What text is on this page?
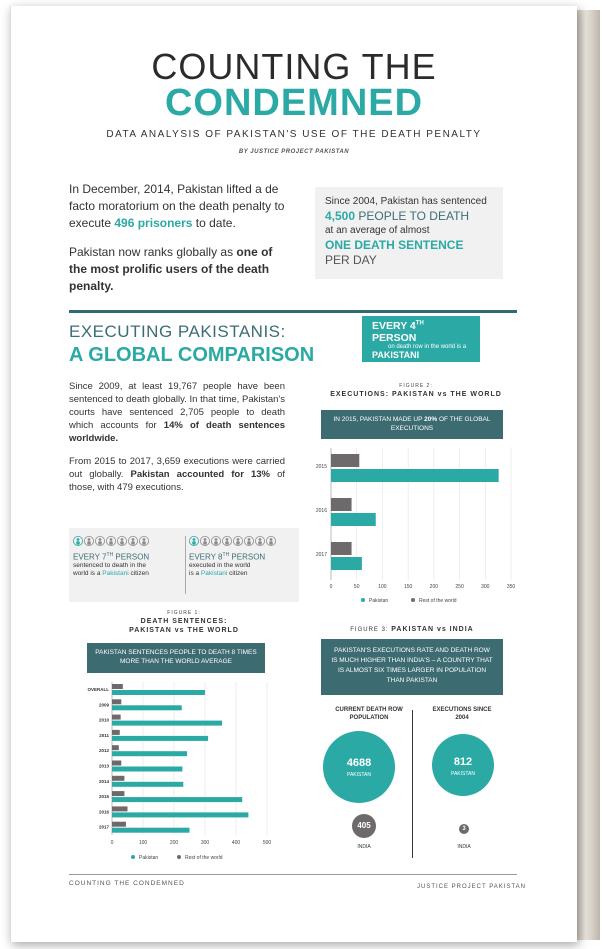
COUNTING THE
CONDEMNED
DATA ANALYSIS OF PAKISTAN'S USE OF THE DEATH PENALTY
BY JUSTICE PROJECT PAKISTAN

In December, 2014, Pakistan lifted a de facto moratorium on the death penalty to execute 496 prisoners to date.

Pakistan now ranks globally as one of the most prolific users of the death penalty.

Since 2004, Pakistan has sentenced
4,500 PEOPLE TO DEATH
at an average of almost
ONE DEATH SENTENCE
PER DAY
EXECUTING PAKISTANIS:
A GLOBAL COMPARISON
EVERY 4TH PERSON
on death row in the world is a
PAKISTANI

Since 2009, at least 19,767 people have been sentenced to death globally. In that time, Pakistan's courts have sentenced 2,705 people to death which accounts for 14% of death sentences worldwide.

From 2015 to 2017, 3,659 executions were carried out globally. Pakistan accounted for 13% of those, with 479 executions.

EVERY 7TH PERSON
sentenced to death in the
world is a Pakistani citizen
EVERY 8TH PERSON
executed in the world
is a Pakistani citizen
FIGURE 2:
EXECUTIONS: PAKISTAN vs THE WORLD
IN 2015, PAKISTAN MADE UP 20% OF THE GLOBAL EXECUTIONS
0	50	100	150	200	250	300	350
2015
2016
2017
Pakistan	Rest of the world
FIGURE 1:
DEATH SENTENCES:
PAKISTAN vs THE WORLD
PAKISTAN SENTENCES PEOPLE TO DEATH 8 TIMES MORE THAN THE WORLD AVERAGE
0	100	200	300	400	500
OVERALL
2009
2010
2011
2012
2013
2014
2015
2016
2017
Pakistan	Rest of the world
FIGURE 3: PAKISTAN vs INDIA
PAKISTAN'S EXECUTIONS RATE AND DEATH ROW IS MUCH HIGHER THAN INDIA'S – A COUNTRY THAT IS ALMOST SIX TIMES LARGER IN POPULATION THAN PAKISTAN
CURRENT DEATH ROW POPULATION
EXECUTIONS SINCE 2004
4688
PAKISTAN
405
INDIA
812
PAKISTAN
3
INDIA
COUNTING THE CONDEMNED	JUSTICE PROJECT PAKISTAN
